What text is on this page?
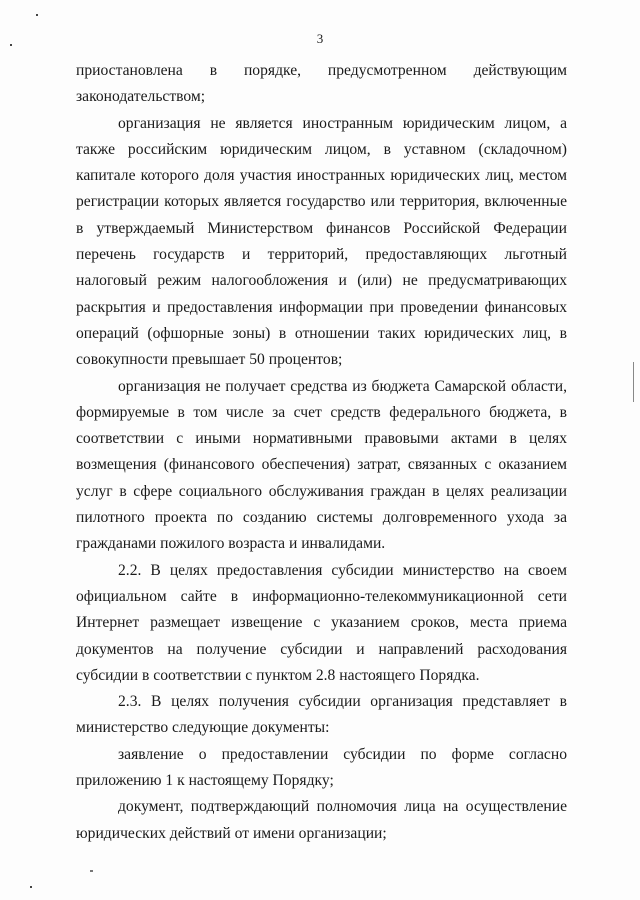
3

приостановлена в порядке, предусмотренном действующим законодательством;

организация не является иностранным юридическим лицом, а также российским юридическим лицом, в уставном (складочном) капитале которого доля участия иностранных юридических лиц, местом регистрации которых является государство или территория, включенные в утверждаемый Министерством финансов Российской Федерации перечень государств и территорий, предоставляющих льготный налоговый режим налогообложения и (или) не предусматривающих раскрытия и предоставления информации при проведении финансовых операций (офшорные зоны) в отношении таких юридических лиц, в совокупности превышает 50 процентов;

организация не получает средства из бюджета Самарской области, формируемые в том числе за счет средств федерального бюджета, в соответствии с иными нормативными правовыми актами в целях возмещения (финансового обеспечения) затрат, связанных с оказанием услуг в сфере социального обслуживания граждан в целях реализации пилотного проекта по созданию системы долговременного ухода за гражданами пожилого возраста и инвалидами.

2.2. В целях предоставления субсидии министерство на своем официальном сайте в информационно-телекоммуникационной сети Интернет размещает извещение с указанием сроков, места приема документов на получение субсидии и направлений расходования субсидии в соответствии с пунктом 2.8 настоящего Порядка.

2.3. В целях получения субсидии организация представляет в министерство следующие документы:

заявление о предоставлении субсидии по форме согласно приложению 1 к настоящему Порядку;

документ, подтверждающий полномочия лица на осуществление юридических действий от имени организации;
